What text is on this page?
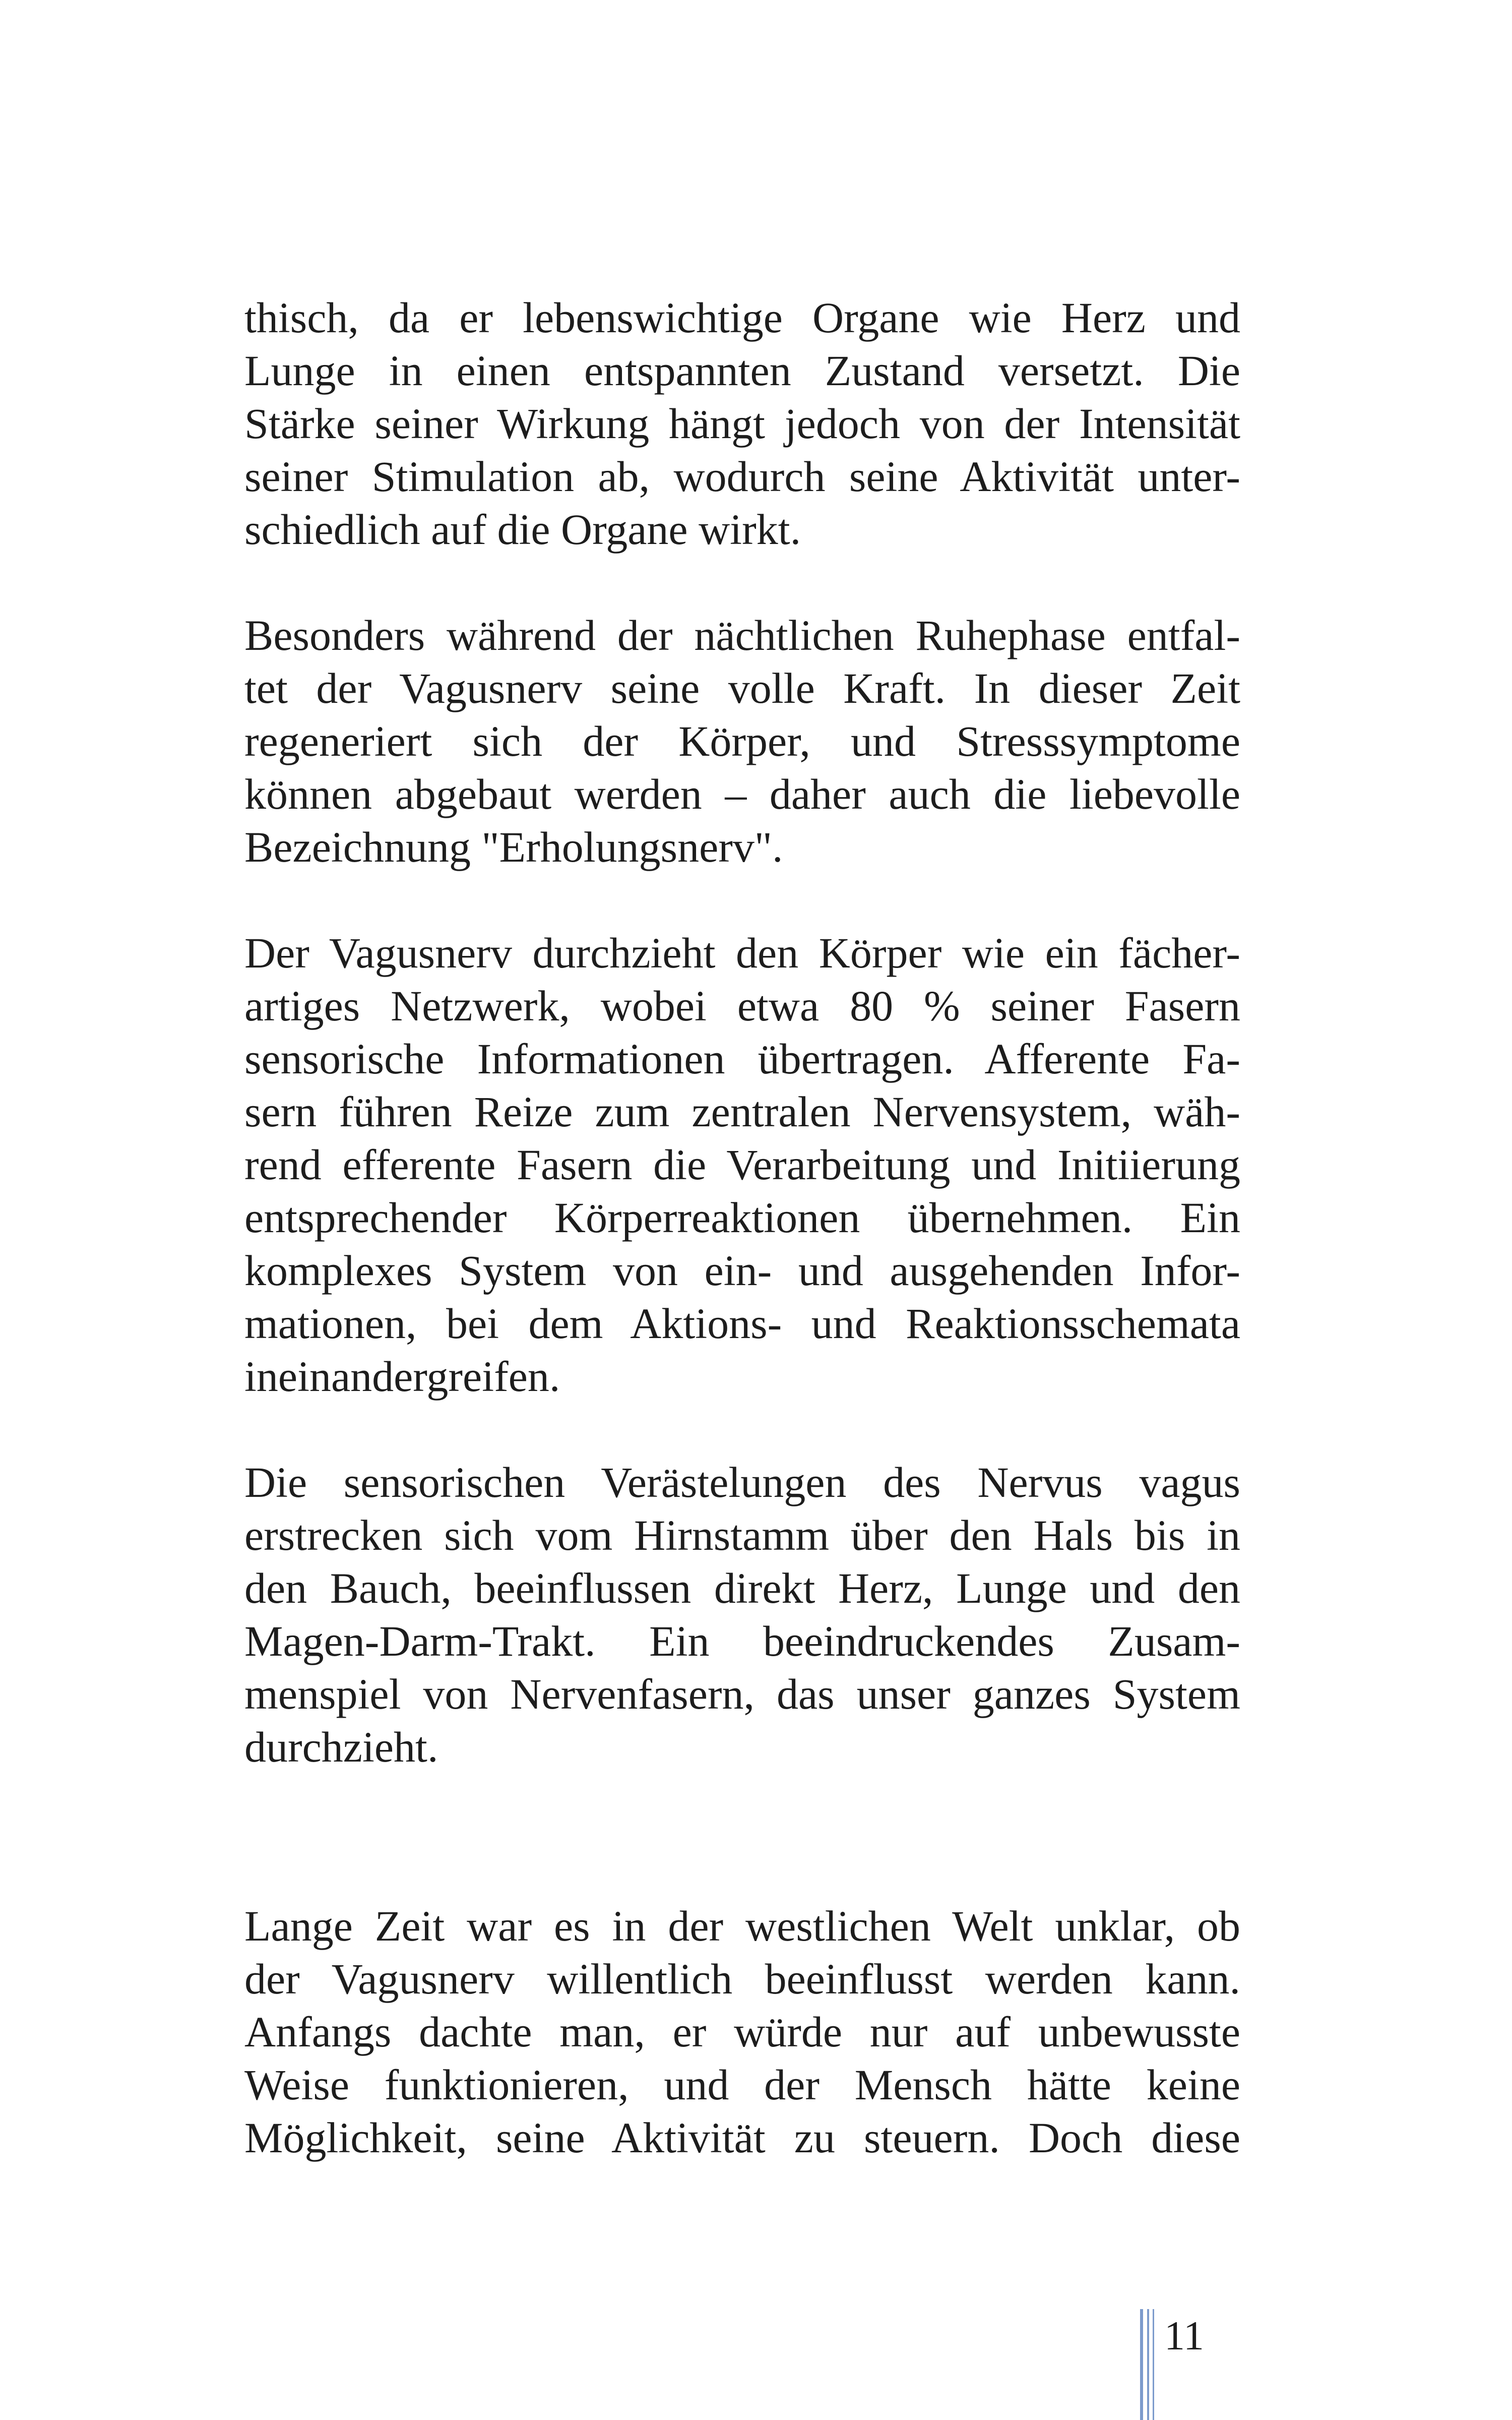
thisch, da er lebenswichtige Organe wie Herz und
Lunge in einen entspannten Zustand versetzt. Die
Stärke seiner Wirkung hängt jedoch von der Intensität
seiner Stimulation ab, wodurch seine Aktivität unter-
schiedlich auf die Organe wirkt.
Besonders während der nächtlichen Ruhephase entfal-
tet der Vagusnerv seine volle Kraft. In dieser Zeit
regeneriert sich der Körper, und Stresssymptome
können abgebaut werden – daher auch die liebevolle
Bezeichnung "Erholungsnerv".
Der Vagusnerv durchzieht den Körper wie ein fächer-
artiges Netzwerk, wobei etwa 80 % seiner Fasern
sensorische Informationen übertragen. Afferente Fa-
sern führen Reize zum zentralen Nervensystem, wäh-
rend efferente Fasern die Verarbeitung und Initiierung
entsprechender Körperreaktionen übernehmen. Ein
komplexes System von ein- und ausgehenden Infor-
mationen, bei dem Aktions- und Reaktionsschemata
ineinandergreifen.
Die sensorischen Verästelungen des Nervus vagus
erstrecken sich vom Hirnstamm über den Hals bis in
den Bauch, beeinflussen direkt Herz, Lunge und den
Magen-Darm-Trakt. Ein beeindruckendes Zusam-
menspiel von Nervenfasern, das unser ganzes System
durchzieht.
Lange Zeit war es in der westlichen Welt unklar, ob
der Vagusnerv willentlich beeinflusst werden kann.
Anfangs dachte man, er würde nur auf unbewusste
Weise funktionieren, und der Mensch hätte keine
Möglichkeit, seine Aktivität zu steuern. Doch diese
11
